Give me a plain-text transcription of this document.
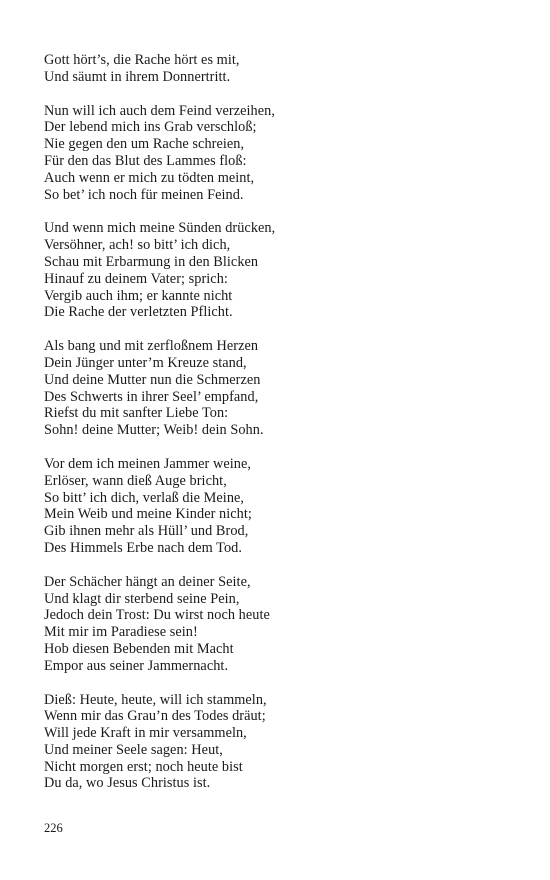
Gott hört’s, die Rache hört es mit,
Und säumt in ihrem Donnertritt.
Nun will ich auch dem Feind verzeihen,
Der lebend mich ins Grab verschloß;
Nie gegen den um Rache schreien,
Für den das Blut des Lammes floß:
Auch wenn er mich zu tödten meint,
So bet’ ich noch für meinen Feind.
Und wenn mich meine Sünden drücken,
Versöhner, ach! so bitt’ ich dich,
Schau mit Erbarmung in den Blicken
Hinauf zu deinem Vater; sprich:
Vergib auch ihm; er kannte nicht
Die Rache der verletzten Pflicht.
Als bang und mit zerfloßnem Herzen
Dein Jünger unter’m Kreuze stand,
Und deine Mutter nun die Schmerzen
Des Schwerts in ihrer Seel’ empfand,
Riefst du mit sanfter Liebe Ton:
Sohn! deine Mutter; Weib! dein Sohn.
Vor dem ich meinen Jammer weine,
Erlöser, wann dieß Auge bricht,
So bitt’ ich dich, verlaß die Meine,
Mein Weib und meine Kinder nicht;
Gib ihnen mehr als Hüll’ und Brod,
Des Himmels Erbe nach dem Tod.
Der Schächer hängt an deiner Seite,
Und klagt dir sterbend seine Pein,
Jedoch dein Trost: Du wirst noch heute
Mit mir im Paradiese sein!
Hob diesen Bebenden mit Macht
Empor aus seiner Jammernacht.
Dieß: Heute, heute, will ich stammeln,
Wenn mir das Grau’n des Todes dräut;
Will jede Kraft in mir versammeln,
Und meiner Seele sagen: Heut,
Nicht morgen erst; noch heute bist
Du da, wo Jesus Christus ist.
226
